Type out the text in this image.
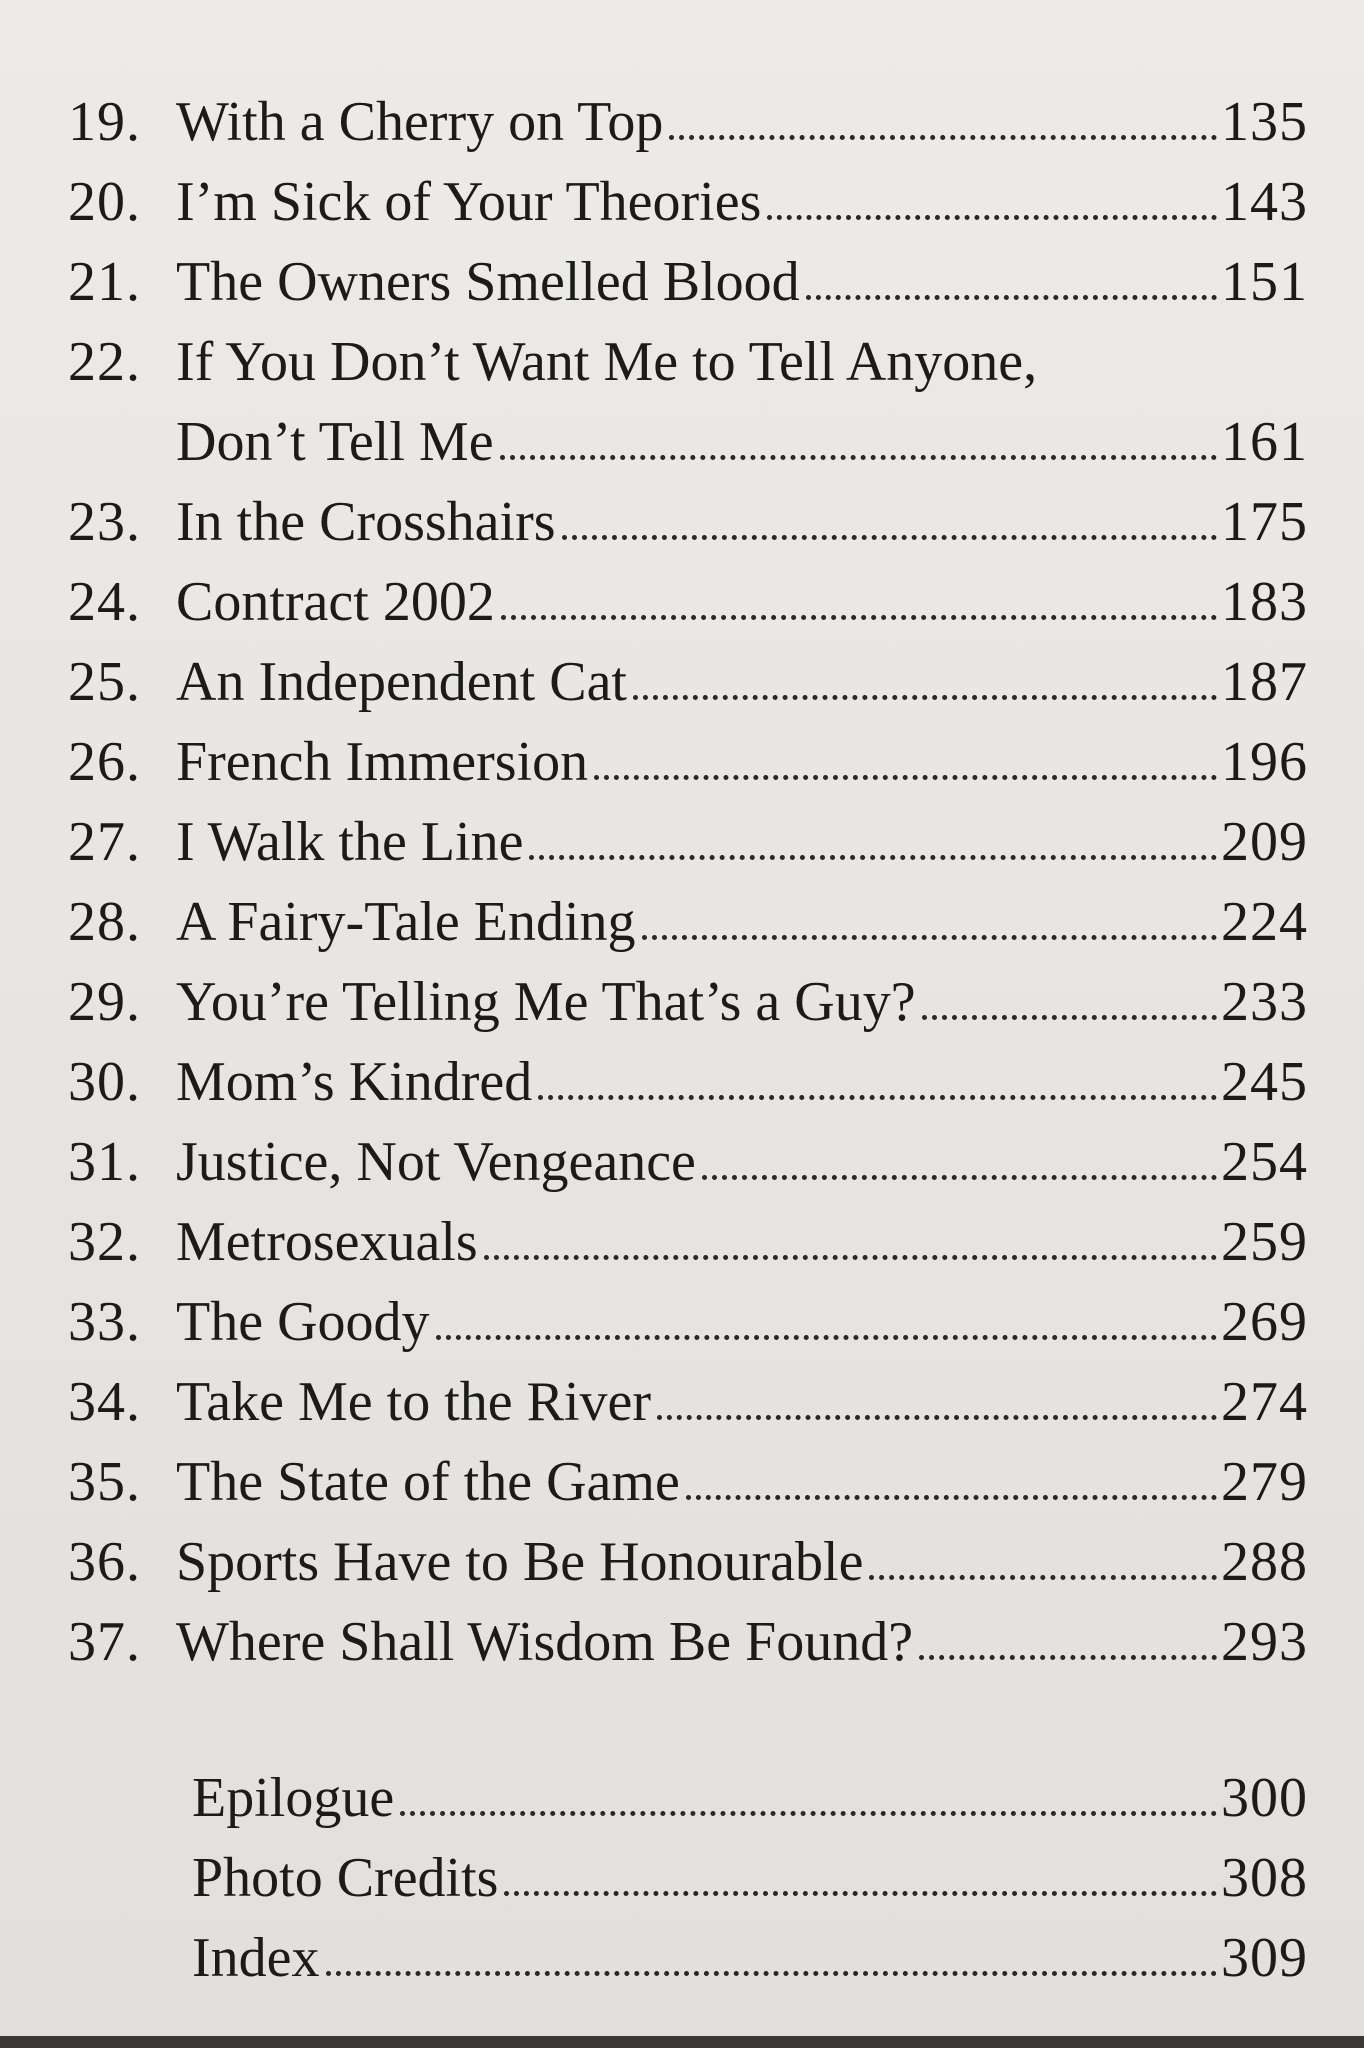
19. With a Cherry on Top	135
20. I’m Sick of Your Theories	143
21. The Owners Smelled Blood	151
22. If You Don’t Want Me to Tell Anyone,
Don’t Tell Me	161
23. In the Crosshairs	175
24. Contract 2002	183
25. An Independent Cat	187
26. French Immersion	196
27. I Walk the Line	209
28. A Fairy-Tale Ending	224
29. You’re Telling Me That’s a Guy?	233
30. Mom’s Kindred	245
31. Justice, Not Vengeance	254
32. Metrosexuals	259
33. The Goody	269
34. Take Me to the River	274
35. The State of the Game	279
36. Sports Have to Be Honourable	288
37. Where Shall Wisdom Be Found?	293
Epilogue	300
Photo Credits	308
Index	309
